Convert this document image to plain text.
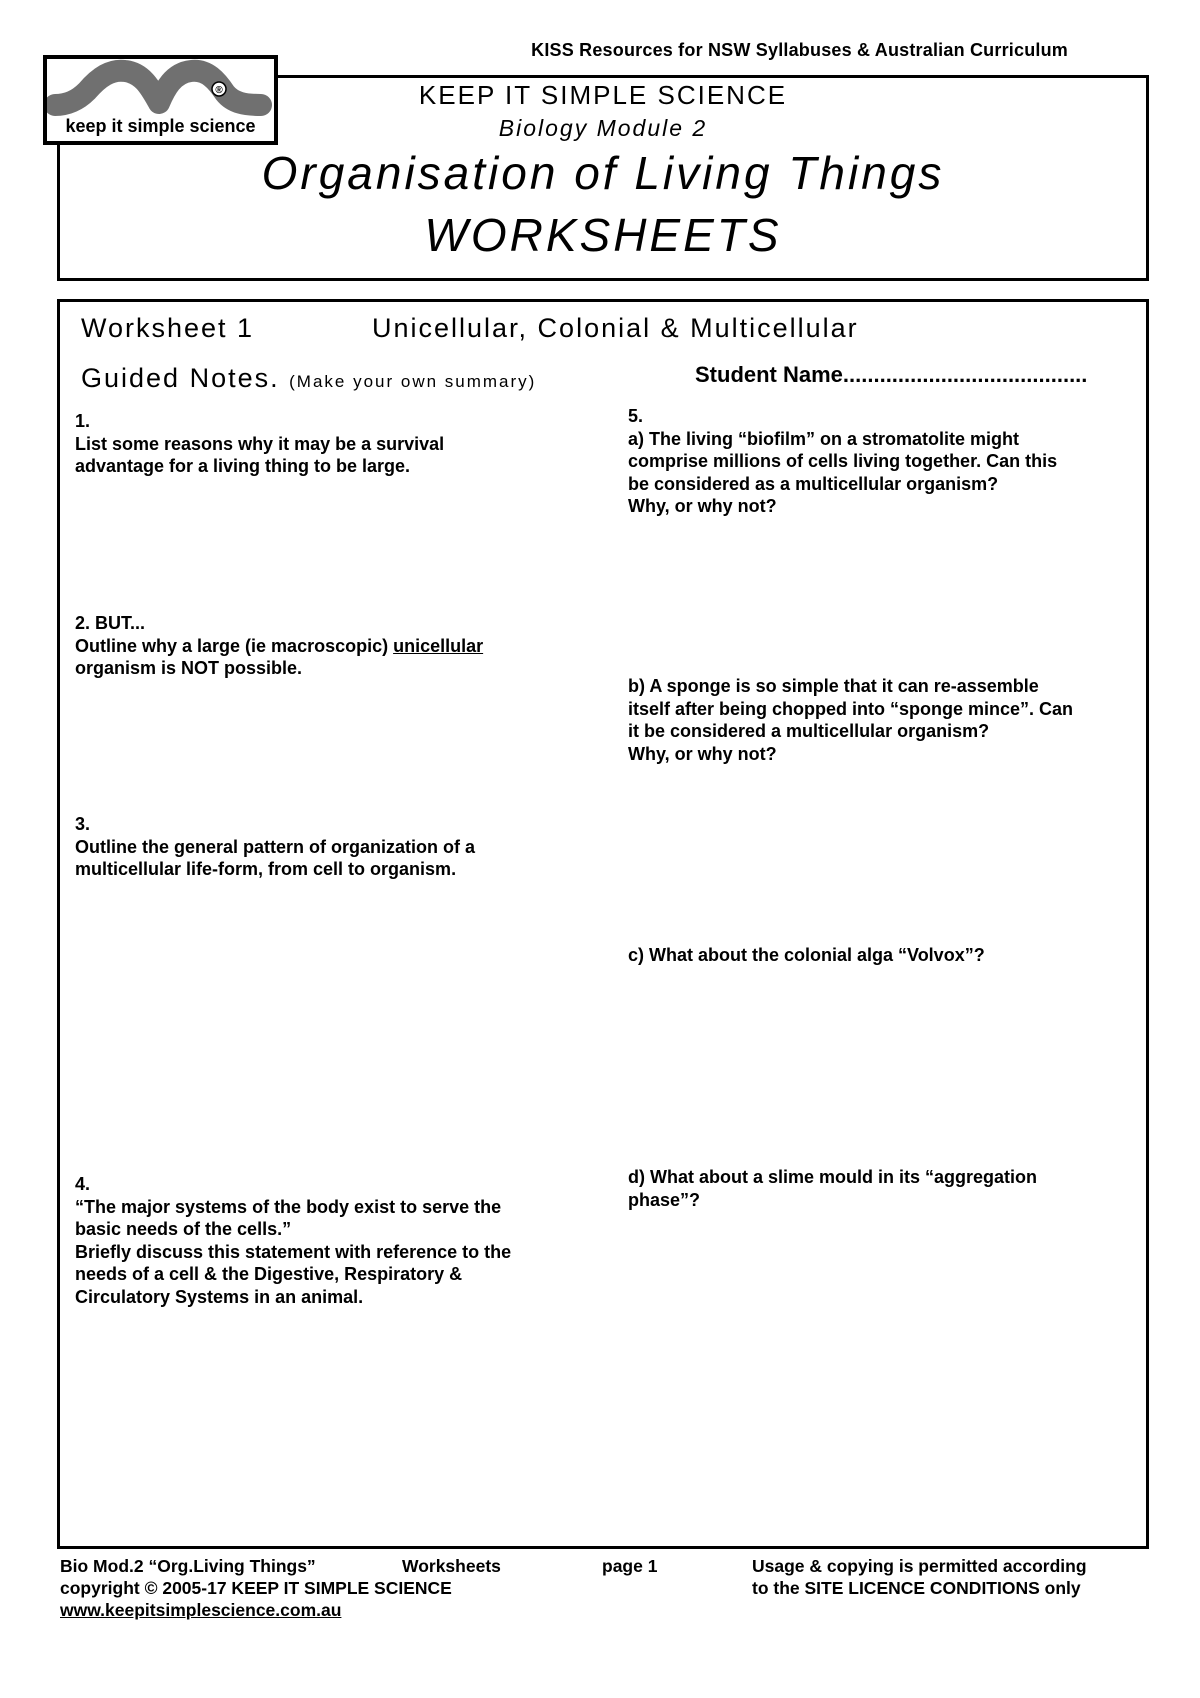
KISS Resources for NSW Syllabuses & Australian Curriculum
®
keep it simple science
KEEP IT SIMPLE SCIENCE
Biology Module 2
Organisation of Living Things
WORKSHEETS
Worksheet 1	Unicellular, Colonial & Multicellular
Guided Notes. (Make your own summary)	Student Name........................................
1.
List some reasons why it may be a survival
advantage for a living thing to be large.
2. BUT...
Outline why a large (ie macroscopic) unicellular
organism is NOT possible.
3.
Outline the general pattern of organization of a
multicellular life-form, from cell to organism.
4.
“The major systems of the body exist to serve the
basic needs of the cells.”
Briefly discuss this statement with reference to the
needs of a cell & the Digestive, Respiratory &
Circulatory Systems in an animal.
5.
a) The living “biofilm” on a stromatolite might
comprise millions of cells living together. Can this
be considered as a multicellular organism?
Why, or why not?
b) A sponge is so simple that it can re-assemble
itself after being chopped into “sponge mince”. Can
it be considered a multicellular organism?
Why, or why not?
c) What about the colonial alga “Volvox”?
d) What about a slime mould in its “aggregation
phase”?
Bio Mod.2 “Org.Living Things”
copyright © 2005-17 KEEP IT SIMPLE SCIENCE
www.keepitsimplescience.com.au
Worksheets	page 1	Usage & copying is permitted according
to the SITE LICENCE CONDITIONS only
